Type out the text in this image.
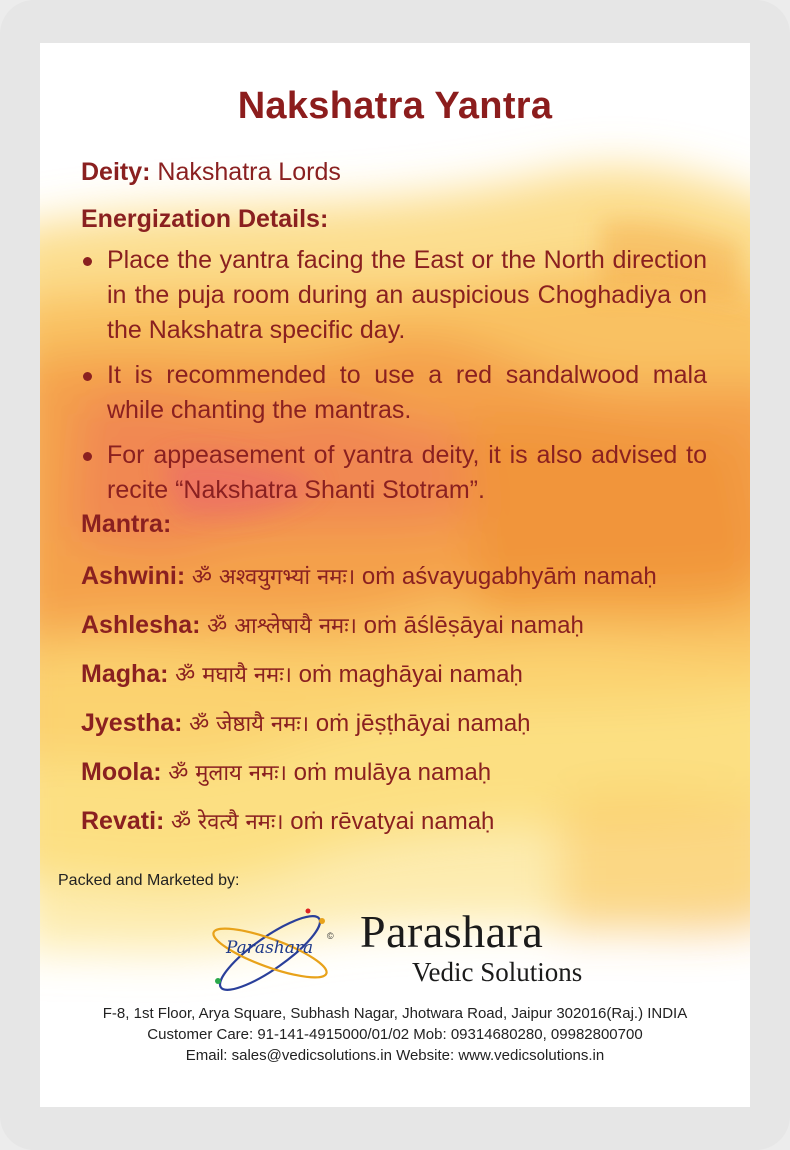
Nakshatra Yantra
Deity: Nakshatra Lords
Energization Details:
Place the yantra facing the East or the North direction in the puja room during an auspicious Choghadiya on the Nakshatra specific day.
It is recommended to use a red sandalwood mala while chanting the mantras.
For appeasement of yantra deity, it is also advised to recite “Nakshatra Shanti Stotram”.
Mantra:
Ashwini: ॐ अश्वयुगभ्यां नमः। oṁ aśvayugabhyāṁ namaḥ
Ashlesha: ॐ आश्लेषायै नमः। oṁ āślēṣāyai namaḥ
Magha: ॐ मघायै नमः। oṁ maghāyai namaḥ
Jyestha: ॐ जेष्ठायै नमः। oṁ jēṣṭhāyai namaḥ
Moola: ॐ मुलाय नमः। oṁ mulāya namaḥ
Revati: ॐ रेवत्यै नमः। oṁ rēvatyai namaḥ
Packed and Marketed by:
Parashara
© Parashara
Vedic Solutions
F-8, 1st Floor, Arya Square, Subhash Nagar, Jhotwara Road, Jaipur 302016(Raj.) INDIA
Customer Care: 91-141-4915000/01/02 Mob: 09314680280, 09982800700
Email: sales@vedicsolutions.in Website: www.vedicsolutions.in
